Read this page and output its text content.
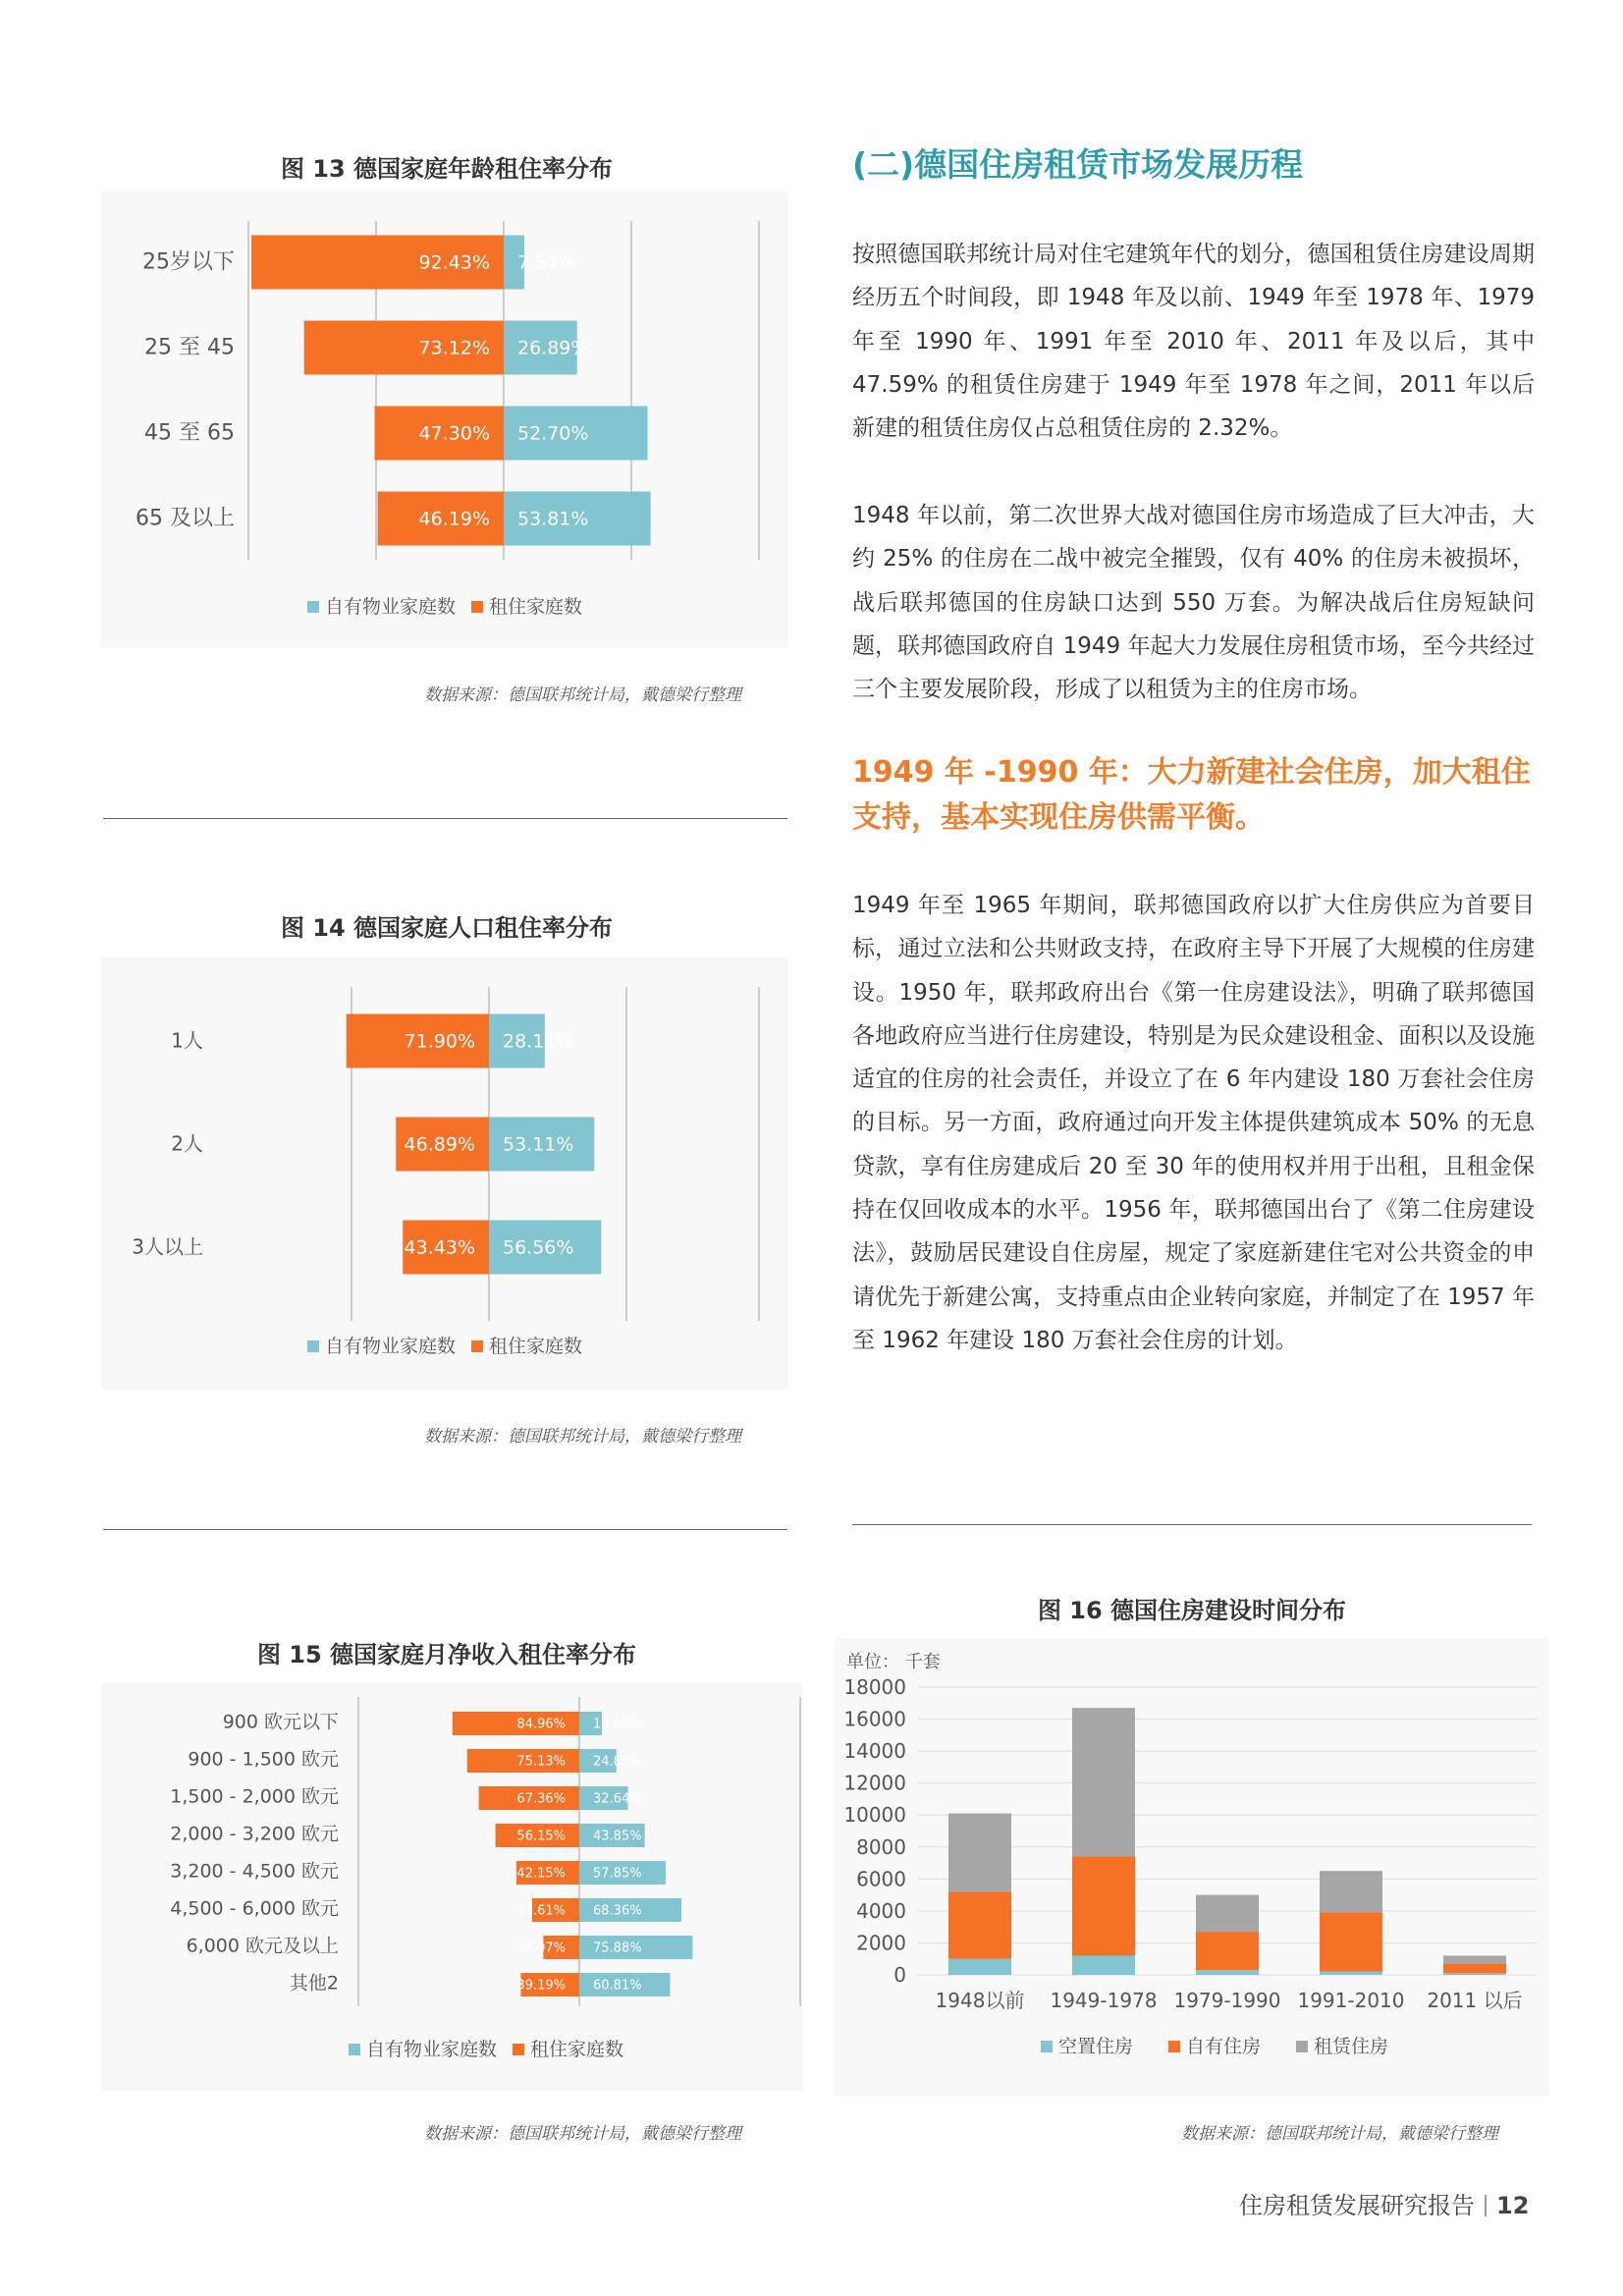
图 13 德国家庭年龄租住率分布
25岁以下	92.43% 7.57%
25 至 45	73.12% 26.89%
45 至 65	47.30% 52.70%
65 及以上	46.19% 53.81%
自有物业家庭数 租住家庭数
数据来源：德国联邦统计局，戴德梁行整理
图 14 德国家庭人口租住率分布
1人	71.90% 28.11%
2人	46.89% 53.11%
3人以上	43.43% 56.56%
自有物业家庭数 租住家庭数
数据来源：德国联邦统计局，戴德梁行整理
图 15 德国家庭月净收入租住率分布
900 欧元以下	84.96% 15.08%
900 - 1,500 欧元	75.13% 24.85%
1,500 - 2,000 欧元	67.36% 32.64%
2,000 - 3,200 欧元	56.15% 43.85%
3,200 - 4,500 欧元	42.15% 57.85%
4,500 - 6,000 欧元	31.61% 68.36%
6,000 欧元及以上	24.07% 75.88%
其他2	39.19% 60.81%
自有物业家庭数 租住家庭数
数据来源：德国联邦统计局，戴德梁行整理
(二)德国住房租赁市场发展历程

按照德国联邦统计局对住宅建筑年代的划分，德国租赁住房建设周期经历五个时间段，即 1948 年及以前、1949 年至 1978 年、1979 年至 1990 年、1991 年至 2010 年、2011 年及以后，其中 47.59% 的租赁住房建于 1949 年至 1978 年之间，2011 年以后新建的租赁住房仅占总租赁住房的 2.32%。

1948 年以前，第二次世界大战对德国住房市场造成了巨大冲击，大约 25% 的住房在二战中被完全摧毁，仅有 40% 的住房未被损坏，战后联邦德国的住房缺口达到 550 万套。为解决战后住房短缺问题，联邦德国政府自 1949 年起大力发展住房租赁市场，至今共经过三个主要发展阶段，形成了以租赁为主的住房市场。

1949 年 -1990 年：大力新建社会住房，加大租住支持，基本实现住房供需平衡。

1949 年至 1965 年期间，联邦德国政府以扩大住房供应为首要目标，通过立法和公共财政支持，在政府主导下开展了大规模的住房建设。1950 年，联邦政府出台《第一住房建设法》，明确了联邦德国各地政府应当进行住房建设，特别是为民众建设租金、面积以及设施适宜的住房的社会责任，并设立了在 6 年内建设 180 万套社会住房的目标。另一方面，政府通过向开发主体提供建筑成本 50% 的无息贷款，享有住房建成后 20 至 30 年的使用权并用于出租，且租金保持在仅回收成本的水平。1956 年，联邦德国出台了《第二住房建设法》，鼓励居民建设自住房屋，规定了家庭新建住宅对公共资金的申请优先于新建公寓，支持重点由企业转向家庭，并制定了在 1957 年至 1962 年建设 180 万套社会住房的计划。

图 16 德国住房建设时间分布
单位： 千套
18000
16000
14000
12000
10000
8000
6000
4000
2000
0
1948以前 1949-1978 1979-1990 1991-2010 2011 以后
空置住房	自有住房	租赁住房
数据来源：德国联邦统计局，戴德梁行整理
住房租赁发展研究报告 12
